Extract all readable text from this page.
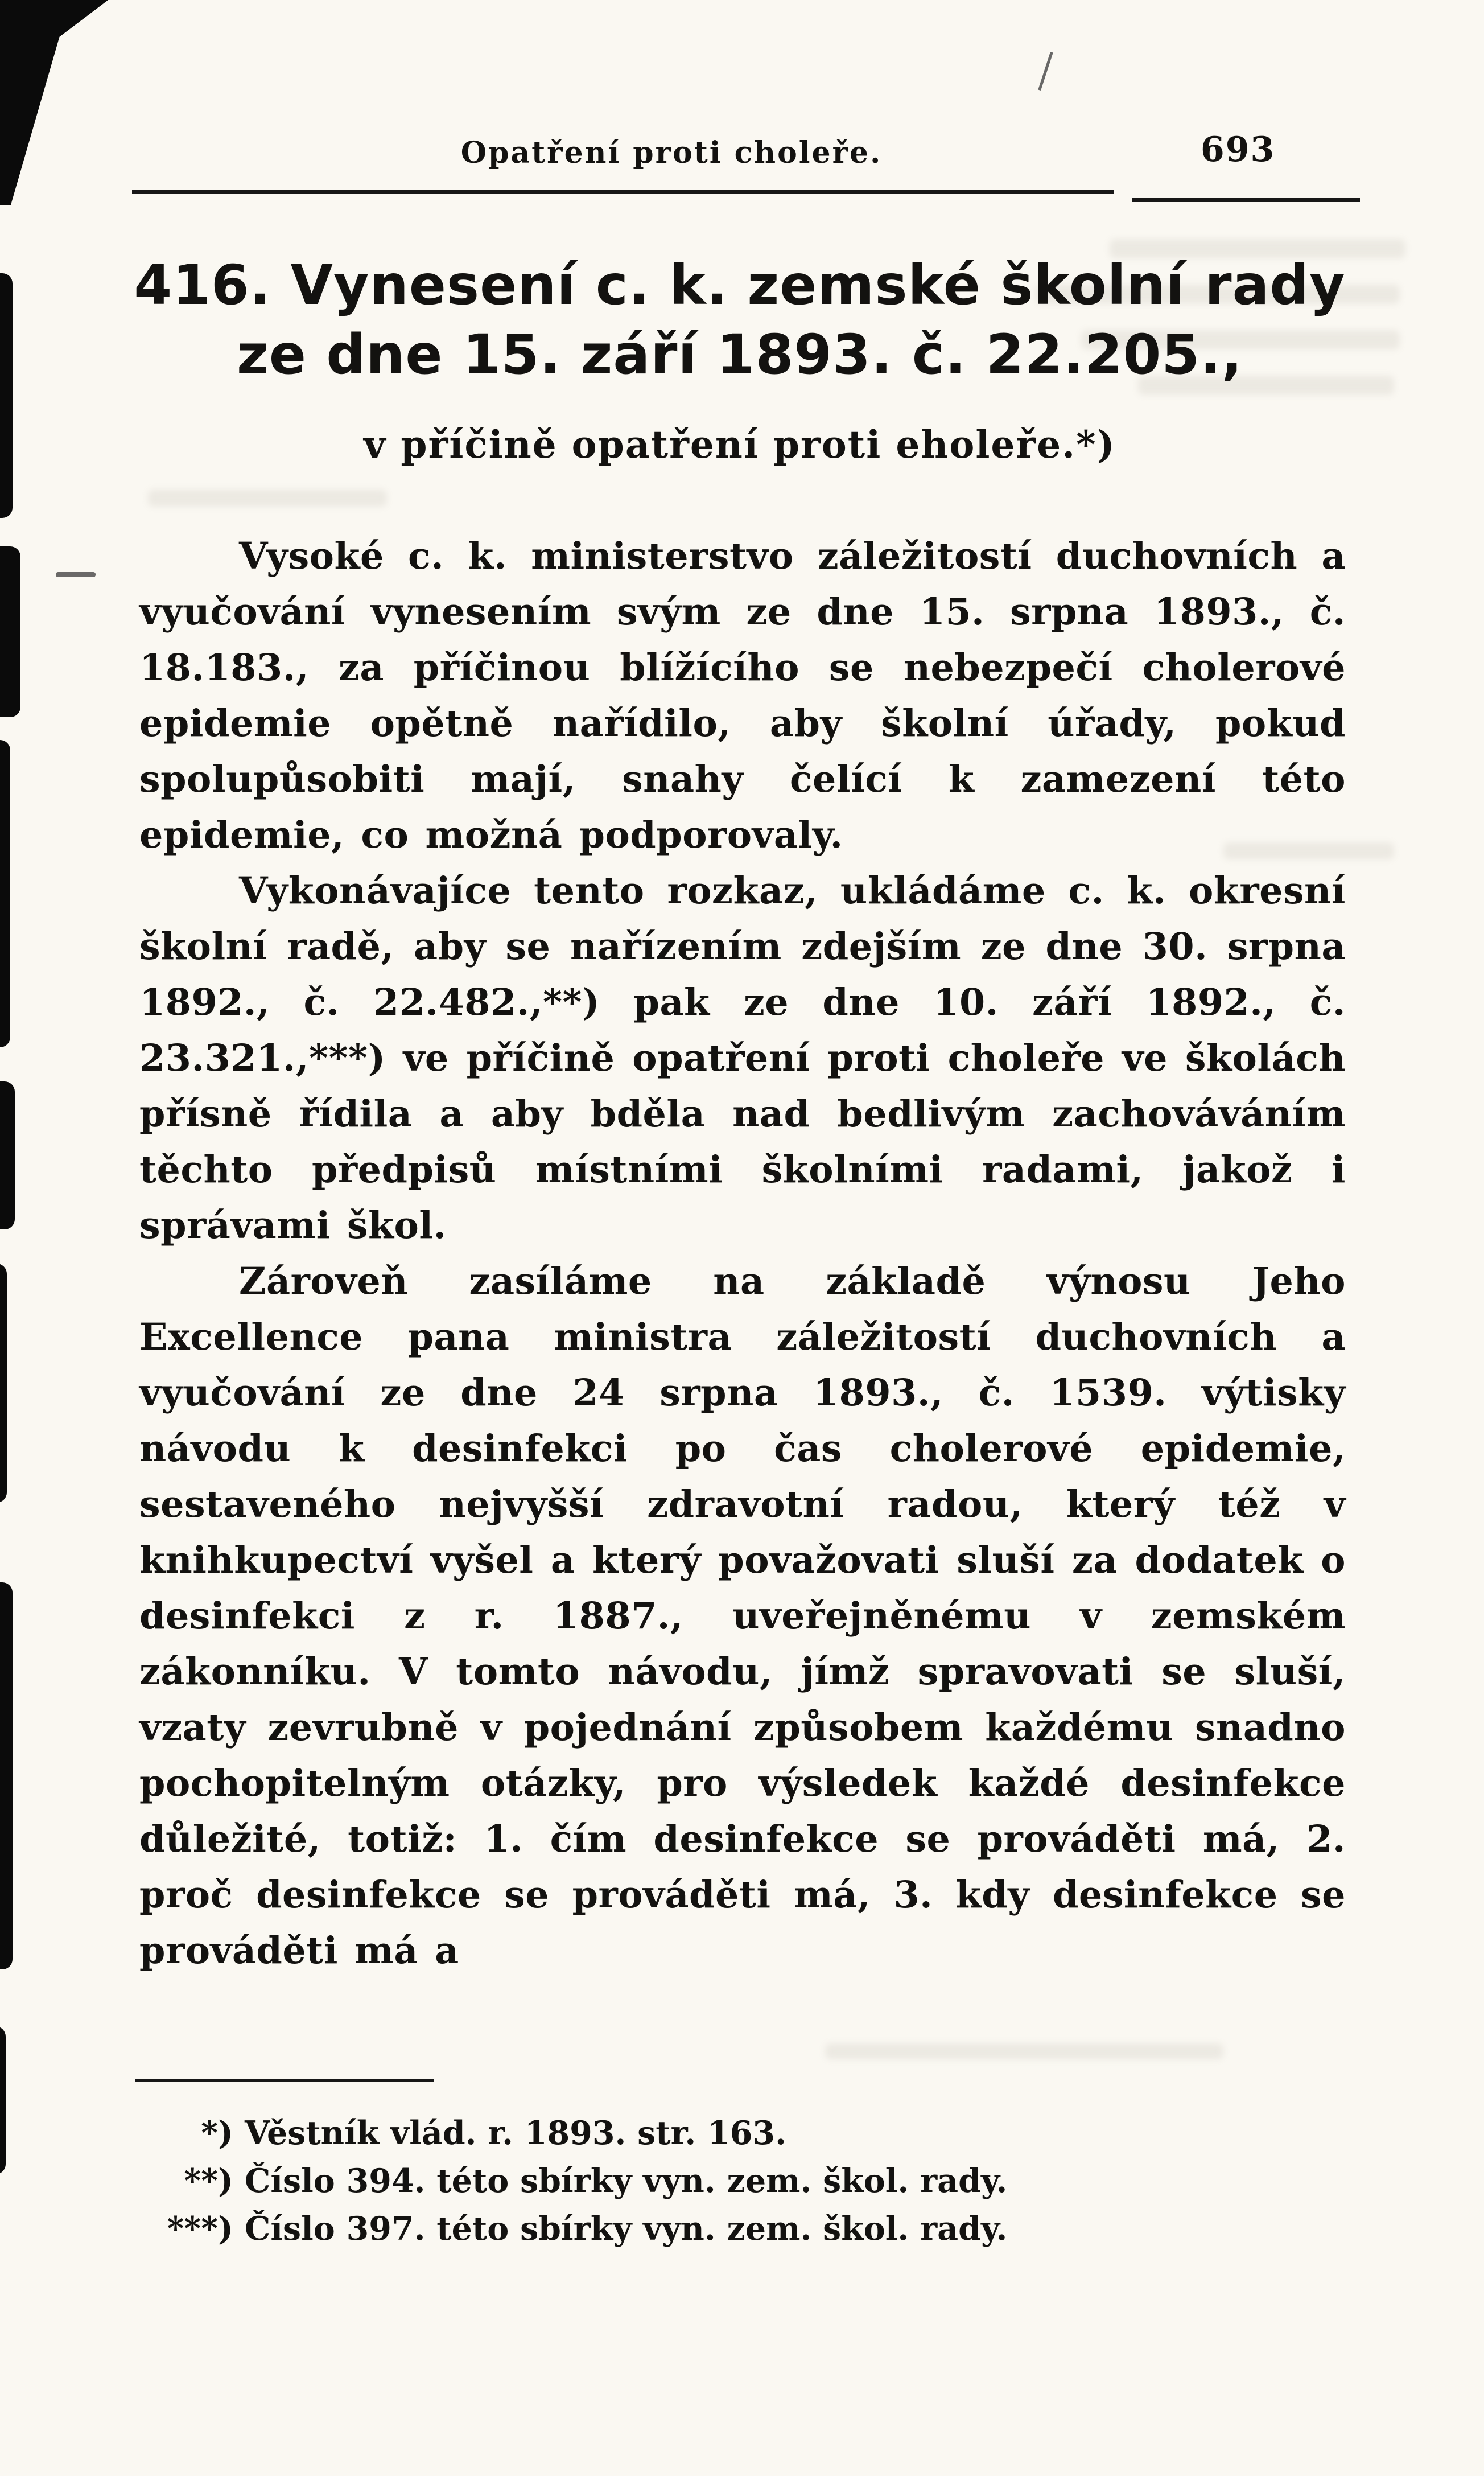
Opatření proti choleře.	693
416. Vynesení c. k. zemské školní rady
ze dne 15. září 1893. č. 22.205.,
v příčině opatření proti eholeře.*)

Vysoké c. k. ministerstvo záležitostí duchovních a vyučování vynesením svým ze dne 15. srpna 1893., č. 18.183., za příčinou blížícího se nebezpečí cholerové epidemie opětně nařídilo, aby školní úřady, pokud spolupůsobiti mají, snahy čelící k zamezení této epidemie, co možná podporovaly.

Vykonávajíce tento rozkaz, ukládáme c. k. okresní školní radě, aby se nařízením zdejším ze dne 30. srpna 1892., č. 22.482.,**) pak ze dne 10. září 1892., č. 23.321.,***) ve příčině opatření proti choleře ve školách přísně řídila a aby bděla nad bedlivým zachováváním těchto předpisů místními školními radami, jakož i správami škol.

Zároveň zasíláme na základě výnosu Jeho Excellence pana ministra záležitostí duchovních a vyučování ze dne 24 srpna 1893., č. 1539. výtisky návodu k desinfekci po čas cholerové epidemie, sestaveného nejvyšší zdravotní radou, který též v knihkupectví vyšel a který považovati sluší za dodatek o desinfekci z r. 1887., uveřejněnému v zemském zákonníku. V tomto návodu, jímž spravovati se sluší, vzaty zevrubně v pojednání způsobem každému snadno pochopitelným otázky, pro výsledek každé desinfekce důležité, totiž: 1. čím desinfekce se prováděti má, 2. proč desinfekce se prováděti má, 3. kdy desinfekce se prováděti má a

*) Věstník vlád. r. 1893. str. 163.
**) Číslo 394. této sbírky vyn. zem. škol. rady.
***) Číslo 397. této sbírky vyn. zem. škol. rady.
